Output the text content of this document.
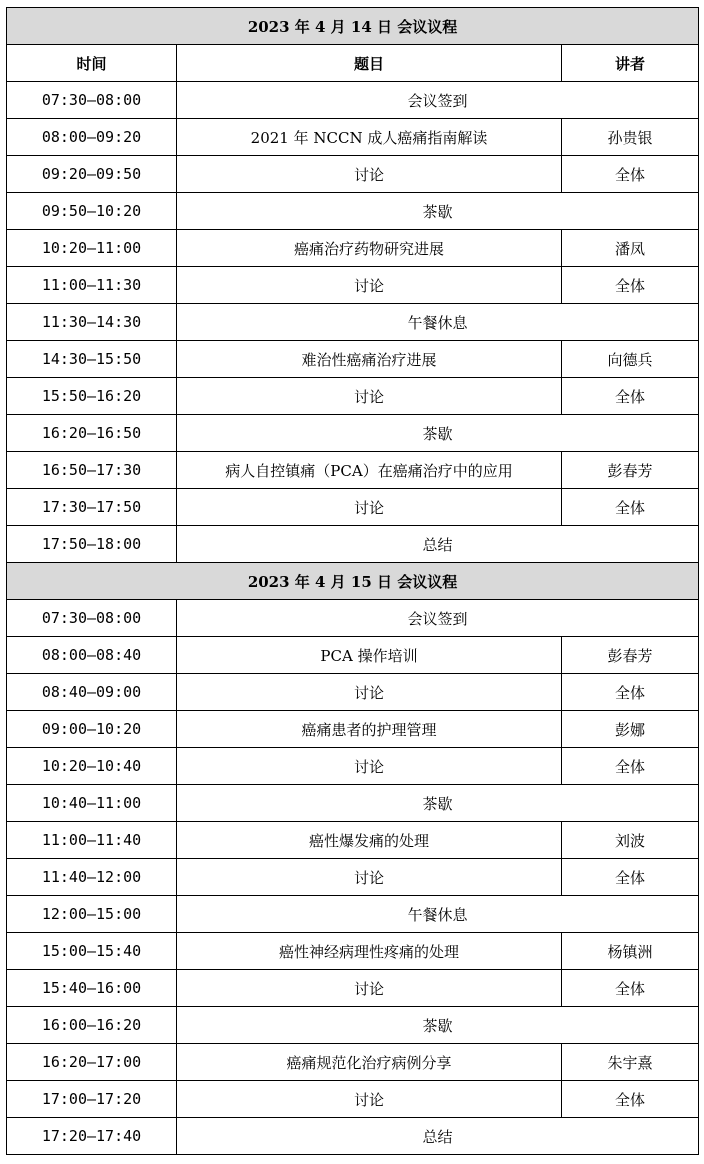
2023 年 4 月 14 日 会议议程		
时间	题目	讲者
07:30—08:00	会议签到	
08:00—09:20	2021 年 NCCN 成人癌痛指南解读	孙贵银
09:20—09:50	讨论	全体
09:50—10:20	茶歇	
10:20—11:00	癌痛治疗药物研究进展	潘凤
11:00—11:30	讨论	全体
11:30—14:30	午餐休息	
14:30—15:50	难治性癌痛治疗进展	向德兵
15:50—16:20	讨论	全体
16:20—16:50	茶歇	
16:50—17:30	病人自控镇痛（PCA）在癌痛治疗中的应用	彭春芳
17:30—17:50	讨论	全体
17:50—18:00	总结	
2023 年 4 月 15 日 会议议程		
07:30—08:00	会议签到	
08:00—08:40	PCA 操作培训	彭春芳
08:40—09:00	讨论	全体
09:00—10:20	癌痛患者的护理管理	彭娜
10:20—10:40	讨论	全体
10:40—11:00	茶歇	
11:00—11:40	癌性爆发痛的处理	刘波
11:40—12:00	讨论	全体
12:00—15:00	午餐休息	
15:00—15:40	癌性神经病理性疼痛的处理	杨镇洲
15:40—16:00	讨论	全体
16:00—16:20	茶歇	
16:20—17:00	癌痛规范化治疗病例分享	朱宇熹
17:00—17:20	讨论	全体
17:20—17:40	总结	
